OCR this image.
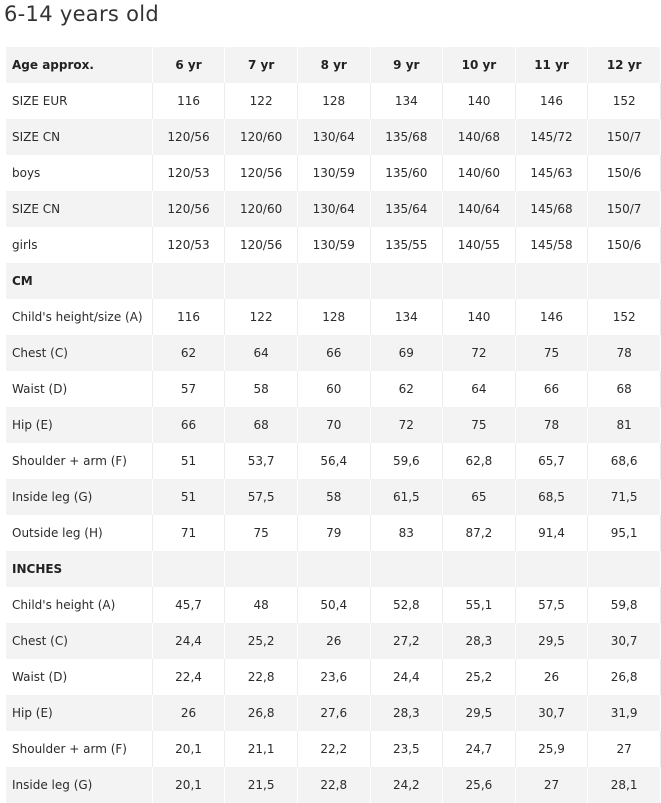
6-14 years old
Age approx.	6 yr	7 yr	8 yr	9 yr	10 yr	11 yr	12 yr
SIZE EUR	116	122	128	134	140	146	152
SIZE CN	120/56	120/60	130/64	135/68	140/68	145/72	150/7
boys	120/53	120/56	130/59	135/60	140/60	145/63	150/6
SIZE CN	120/56	120/60	130/64	135/64	140/64	145/68	150/7
girls	120/53	120/56	130/59	135/55	140/55	145/58	150/6
CM							
Child's height/size (A)	116	122	128	134	140	146	152
Chest (C)	62	64	66	69	72	75	78
Waist (D)	57	58	60	62	64	66	68
Hip (E)	66	68	70	72	75	78	81
Shoulder + arm (F)	51	53,7	56,4	59,6	62,8	65,7	68,6
Inside leg (G)	51	57,5	58	61,5	65	68,5	71,5
Outside leg (H)	71	75	79	83	87,2	91,4	95,1
INCHES							
Child's height (A)	45,7	48	50,4	52,8	55,1	57,5	59,8
Chest (C)	24,4	25,2	26	27,2	28,3	29,5	30,7
Waist (D)	22,4	22,8	23,6	24,4	25,2	26	26,8
Hip (E)	26	26,8	27,6	28,3	29,5	30,7	31,9
Shoulder + arm (F)	20,1	21,1	22,2	23,5	24,7	25,9	27
Inside leg (G)	20,1	21,5	22,8	24,2	25,6	27	28,1
